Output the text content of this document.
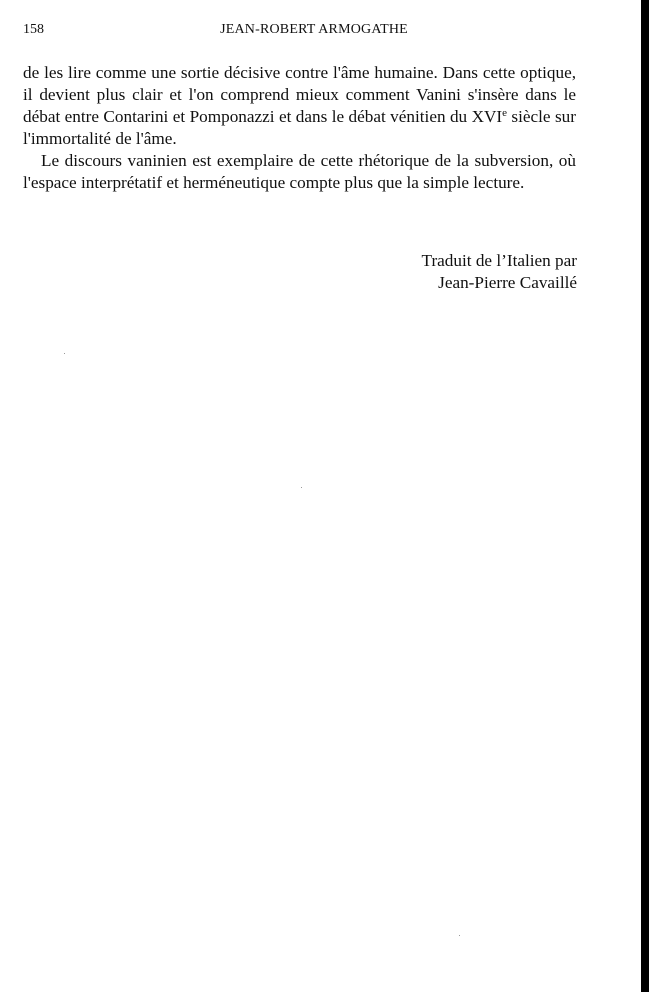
158	JEAN-ROBERT ARMOGATHE

de les lire comme une sortie décisive contre l'âme humaine. Dans cette optique, il devient plus clair et l'on comprend mieux comment Vanini s'insère dans le débat entre Contarini et Pomponazzi et dans le débat vénitien du XVIe siècle sur l'immortalité de l'âme.

Le discours vaninien est exemplaire de cette rhétorique de la subversion, où l'espace interprétatif et herméneutique compte plus que la simple lecture.

Traduit de l’Italien par
Jean-Pierre Cavaillé
